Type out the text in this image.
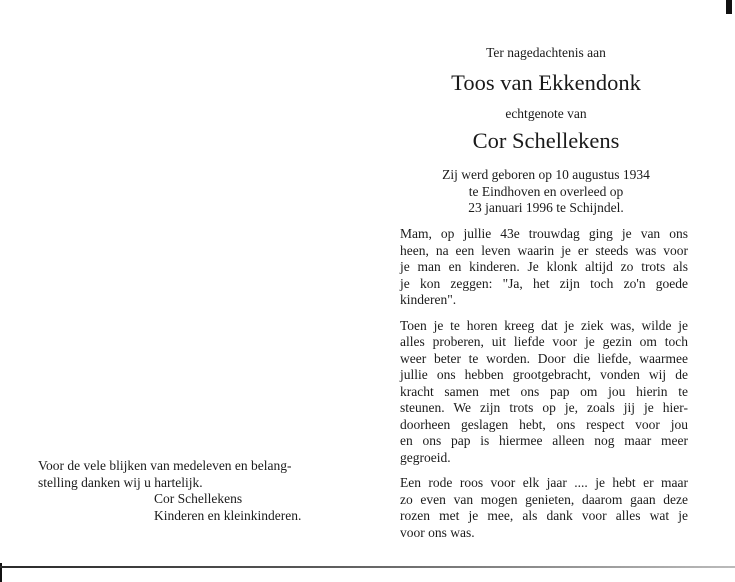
Ter nagedachtenis aan
Toos van Ekkendonk
echtgenote van
Cor Schellekens
Zij werd geboren op 10 augustus 1934
te Eindhoven en overleed op
23 januari 1996 te Schijndel.

Mam, op jullie 43e trouwdag ging je van ons
heen, na een leven waarin je er steeds was voor
je man en kinderen. Je klonk altijd zo trots als
je kon zeggen: "Ja, het zijn toch zo'n goede
kinderen".

Toen je te horen kreeg dat je ziek was, wilde je
alles proberen, uit liefde voor je gezin om toch
weer beter te worden. Door die liefde, waarmee
jullie ons hebben grootgebracht, vonden wij de
kracht samen met ons pap om jou hierin te
steunen. We zijn trots op je, zoals jij je hier-
doorheen geslagen hebt, ons respect voor jou
en ons pap is hiermee alleen nog maar meer
gegroeid.

Een rode roos voor elk jaar .... je hebt er maar
zo even van mogen genieten, daarom gaan deze
rozen met je mee, als dank voor alles wat je
voor ons was.

Voor de vele blijken van medeleven en belang-
stelling danken wij u hartelijk.
Cor Schellekens
Kinderen en kleinkinderen.
